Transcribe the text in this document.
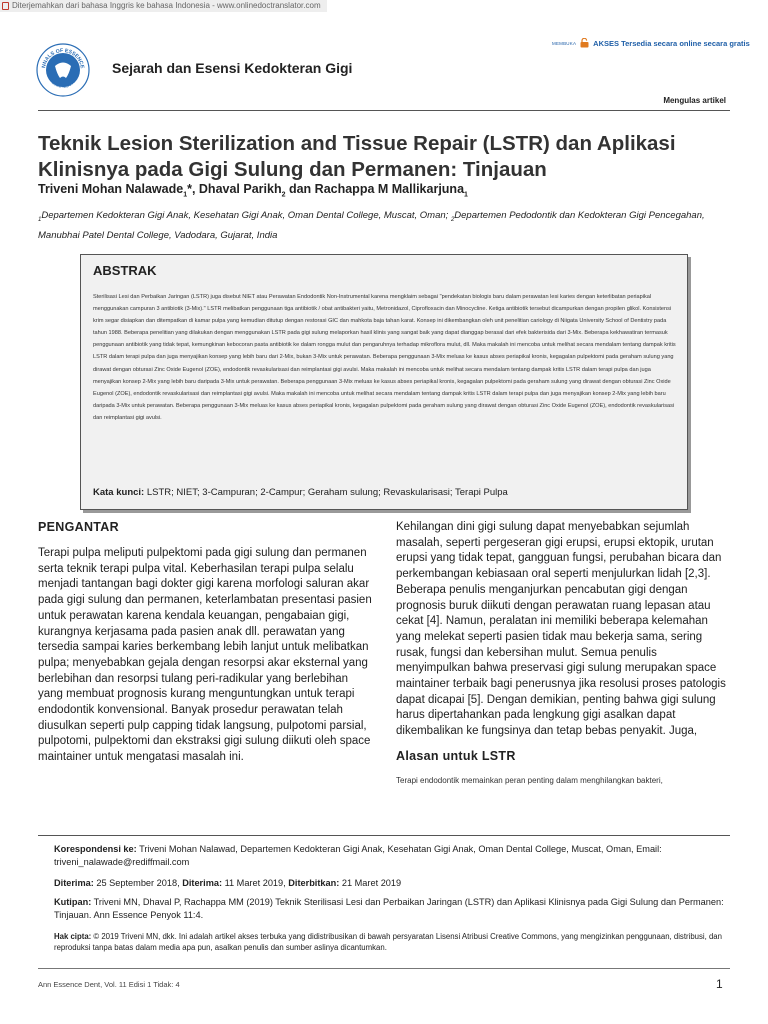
Diterjemahkan dari bahasa Inggris ke bahasa Indonesia - www.onlinedoctranslator.com
NNALS OF ESSENCE
DENTAL SEJARAH
Sejarah dan Esensi Kedokteran Gigi
MEMBUKA AKSES Tersedia secara online secara gratis
Mengulas artikel
Teknik Lesion Sterilization and Tissue Repair (LSTR) dan Aplikasi Klinisnya pada Gigi Sulung dan Permanen: Tinjauan
Triveni Mohan Nalawade$_1$*, Dhaval Parikh$_2$ dan Rachappa M Mallikarjuna$_1$
$_1$Departemen Kedokteran Gigi Anak, Kesehatan Gigi Anak, Oman Dental College, Muscat, Oman; $_2$Departemen Pedodontik dan Kedokteran Gigi Pencegahan, Manubhai Patel Dental College, Vadodara, Gujarat, India
ABSTRAK
Sterilisasi Lesi dan Perbaikan Jaringan (LSTR) juga disebut NIET atau Perawatan Endodontik Non-Instrumental karena mengklaim sebagai "pendekatan biologis baru dalam perawatan lesi karies dengan keterlibatan periapikal menggunakan campuran 3 antibiotik (3-Mix)." LSTR melibatkan penggunaan tiga antibiotik / obat antibakteri yaitu, Metronidazol, Ciprofloxacin dan Minocycline. Ketiga antibiotik tersebut dicampurkan dengan propilen glikol. Konsistensi krim segar disiapkan dan ditempatkan di kamar pulpa yang kemudian ditutup dengan restorasi GIC dan mahkota baja tahan karat. Konsep ini dikembangkan oleh unit penelitian cariology di Niigata University School of Dentistry pada tahun 1988. Beberapa penelitian yang dilakukan dengan menggunakan LSTR pada gigi sulung melaporkan hasil klinis yang sangat baik yang dapat dianggap berasal dari efek bakterisida dari 3-Mix. Beberapa kekhawatiran termasuk penggunaan antibiotik yang tidak tepat, kemungkinan kebocoran pasta antibiotik ke dalam rongga mulut dan pengaruhnya terhadap mikroflora mulut, dll. Maka makalah ini mencoba untuk melihat secara mendalam tentang dampak kritis LSTR dalam terapi pulpa dan juga menyajikan konsep yang lebih baru dari 2-Mix, bukan 3-Mix untuk perawatan. Beberapa penggunaan 3-Mix meluas ke kasus abses periapikal kronis, kegagalan pulpektomi pada geraham sulung yang dirawat dengan obturasi Zinc Oxide Eugenol (ZOE), endodontik revaskularisasi dan reimplantasi gigi avulsi. Maka makalah ini mencoba untuk melihat secara mendalam tentang dampak kritis LSTR dalam terapi pulpa dan juga menyajikan konsep 2-Mix yang lebih baru daripada 3-Mix untuk perawatan. Beberapa penggunaan 3-Mix meluas ke kasus abses periapikal kronis, kegagalan pulpektomi pada geraham sulung yang dirawat dengan obturasi Zinc Oxide Eugenol (ZOE), endodontik revaskularisasi dan reimplantasi gigi avulsi. Maka makalah ini mencoba untuk melihat secara mendalam tentang dampak kritis LSTR dalam terapi pulpa dan juga menyajikan konsep 2-Mix yang lebih baru daripada 3-Mix untuk perawatan. Beberapa penggunaan 3-Mix meluas ke kasus abses periapikal kronis, kegagalan pulpektomi pada geraham sulung yang dirawat dengan obturasi Zinc Oxide Eugenol (ZOE), endodontik revaskularisasi dan reimplantasi gigi avulsi.
Kata kunci: LSTR; NIET; 3-Campuran; 2-Campur; Geraham sulung; Revaskularisasi; Terapi Pulpa
PENGANTAR
Terapi pulpa meliputi pulpektomi pada gigi sulung dan permanen serta teknik terapi pulpa vital. Keberhasilan terapi pulpa selalu menjadi tantangan bagi dokter gigi karena morfologi saluran akar pada gigi sulung dan permanen, keterlambatan presentasi pasien untuk perawatan karena kendala keuangan, pengabaian gigi, kurangnya kerjasama pada pasien anak dll. perawatan yang tersedia sampai karies berkembang lebih lanjut untuk melibatkan pulpa; menyebabkan gejala dengan resorpsi akar eksternal yang berlebihan dan resorpsi tulang peri-radikular yang berlebihan yang membuat prognosis kurang menguntungkan untuk terapi endodontik konvensional. Banyak prosedur perawatan telah diusulkan seperti pulp capping tidak langsung, pulpotomi parsial, pulpotomi, pulpektomi dan ekstraksi gigi sulung diikuti oleh space maintainer untuk mengatasi masalah ini.
Kehilangan dini gigi sulung dapat menyebabkan sejumlah masalah, seperti pergeseran gigi erupsi, erupsi ektopik, urutan erupsi yang tidak tepat, gangguan fungsi, perubahan bicara dan perkembangan kebiasaan oral seperti menjulurkan lidah [2,3]. Beberapa penulis menganjurkan pencabutan gigi dengan prognosis buruk diikuti dengan perawatan ruang lepasan atau cekat [4]. Namun, peralatan ini memiliki beberapa kelemahan yang melekat seperti pasien tidak mau bekerja sama, sering rusak, fungsi dan kebersihan mulut. Semua penulis menyimpulkan bahwa preservasi gigi sulung merupakan space maintainer terbaik bagi penerusnya jika resolusi proses patologis dapat dicapai [5]. Dengan demikian, penting bahwa gigi sulung harus dipertahankan pada lengkung gigi asalkan dapat dikembalikan ke fungsinya dan tetap bebas penyakit. Juga,
Alasan untuk LSTR
Terapi endodontik memainkan peran penting dalam menghilangkan bakteri,
Korespondensi ke: Triveni Mohan Nalawad, Departemen Kedokteran Gigi Anak, Kesehatan Gigi Anak, Oman Dental College, Muscat, Oman, Email: triveni_nalawade@rediffmail.com
Diterima: 25 September 2018, Diterima: 11 Maret 2019, Diterbitkan: 21 Maret 2019
Kutipan: Triveni MN, Dhaval P, Rachappa MM (2019) Teknik Sterilisasi Lesi dan Perbaikan Jaringan (LSTR) dan Aplikasi Klinisnya pada Gigi Sulung dan Permanen: Tinjauan. Ann Essence Penyok 11:4.
Hak cipta: © 2019 Triveni MN, dkk. Ini adalah artikel akses terbuka yang didistribusikan di bawah persyaratan Lisensi Atribusi Creative Commons, yang mengizinkan penggunaan, distribusi, dan reproduksi tanpa batas dalam media apa pun, asalkan penulis dan sumber aslinya dicantumkan.
Ann Essence Dent, Vol. 11 Edisi 1 Tidak: 4	1
